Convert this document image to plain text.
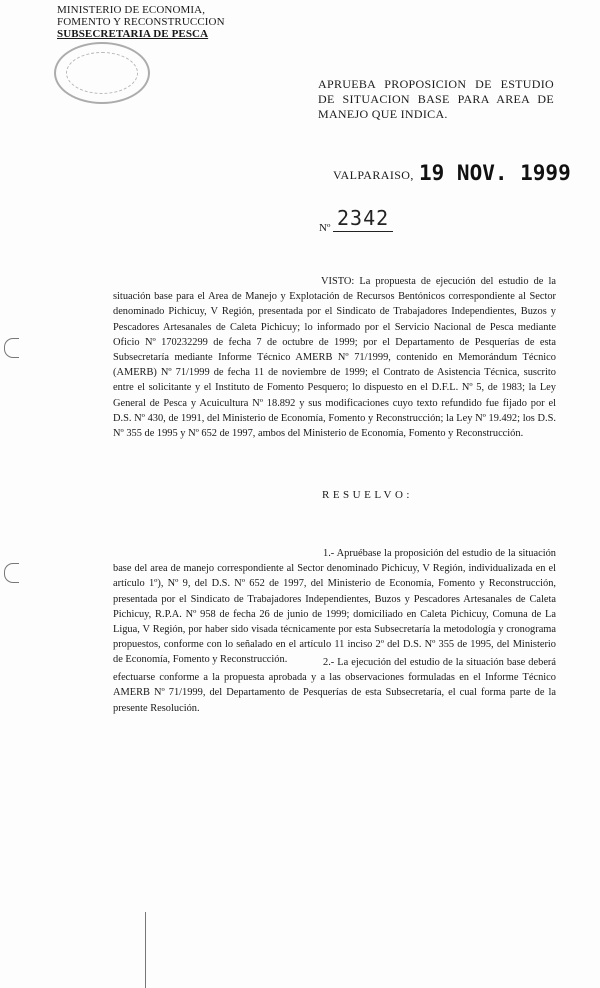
MINISTERIO DE ECONOMIA,
FOMENTO Y RECONSTRUCCION
SUBSECRETARIA DE PESCA
APRUEBA PROPOSICION DE ESTUDIO DE SITUACION BASE PARA AREA DE MANEJO QUE INDICA.
VALPARAISO, 19 NOV. 1999
Nº 2342
VISTO: La propuesta de ejecución del estudio de la situación base para el Area de Manejo y Explotación de Recursos Bentónicos correspondiente al Sector denominado Pichicuy, V Región, presentada por el Sindicato de Trabajadores Independientes, Buzos y Pescadores Artesanales de Caleta Pichicuy; lo informado por el Servicio Nacional de Pesca mediante Oficio Nº 170232299 de fecha 7 de octubre de 1999; por el Departamento de Pesquerías de esta Subsecretaría mediante Informe Técnico AMERB Nº 71/1999, contenido en Memorándum Técnico (AMERB) Nº 71/1999 de fecha 11 de noviembre de 1999; el Contrato de Asistencia Técnica, suscrito entre el solicitante y el Instituto de Fomento Pesquero; lo dispuesto en el D.F.L. Nº 5, de 1983; la Ley General de Pesca y Acuicultura Nº 18.892 y sus modificaciones cuyo texto refundido fue fijado por el D.S. Nº 430, de 1991, del Ministerio de Economía, Fomento y Reconstrucción; la Ley Nº 19.492; los D.S. Nº 355 de 1995 y Nº 652 de 1997, ambos del Ministerio de Economía, Fomento y Reconstrucción.
RESUELVO:
1.- Apruébase la proposición del estudio de la situación base del area de manejo correspondiente al Sector denominado Pichicuy, V Región, individualizada en el artículo 1º), Nº 9, del D.S. Nº 652 de 1997, del Ministerio de Economía, Fomento y Reconstrucción, presentada por el Sindicato de Trabajadores Independientes, Buzos y Pescadores Artesanales de Caleta Pichicuy, R.P.A. Nº 958 de fecha 26 de junio de 1999; domiciliado en Caleta Pichicuy, Comuna de La Ligua, V Región, por haber sido visada técnicamente por esta Subsecretaría la metodología y cronograma propuestos, conforme con lo señalado en el artículo 11 inciso 2º del D.S. Nº 355 de 1995, del Ministerio de Economía, Fomento y Reconstrucción.	2.- La ejecución del estudio de la situación base deberá efectuarse conforme a la propuesta aprobada y a las observaciones formuladas en el Informe Técnico AMERB Nº 71/1999, del Departamento de Pesquerías de esta Subsecretaría, el cual forma parte de la presente Resolución.
